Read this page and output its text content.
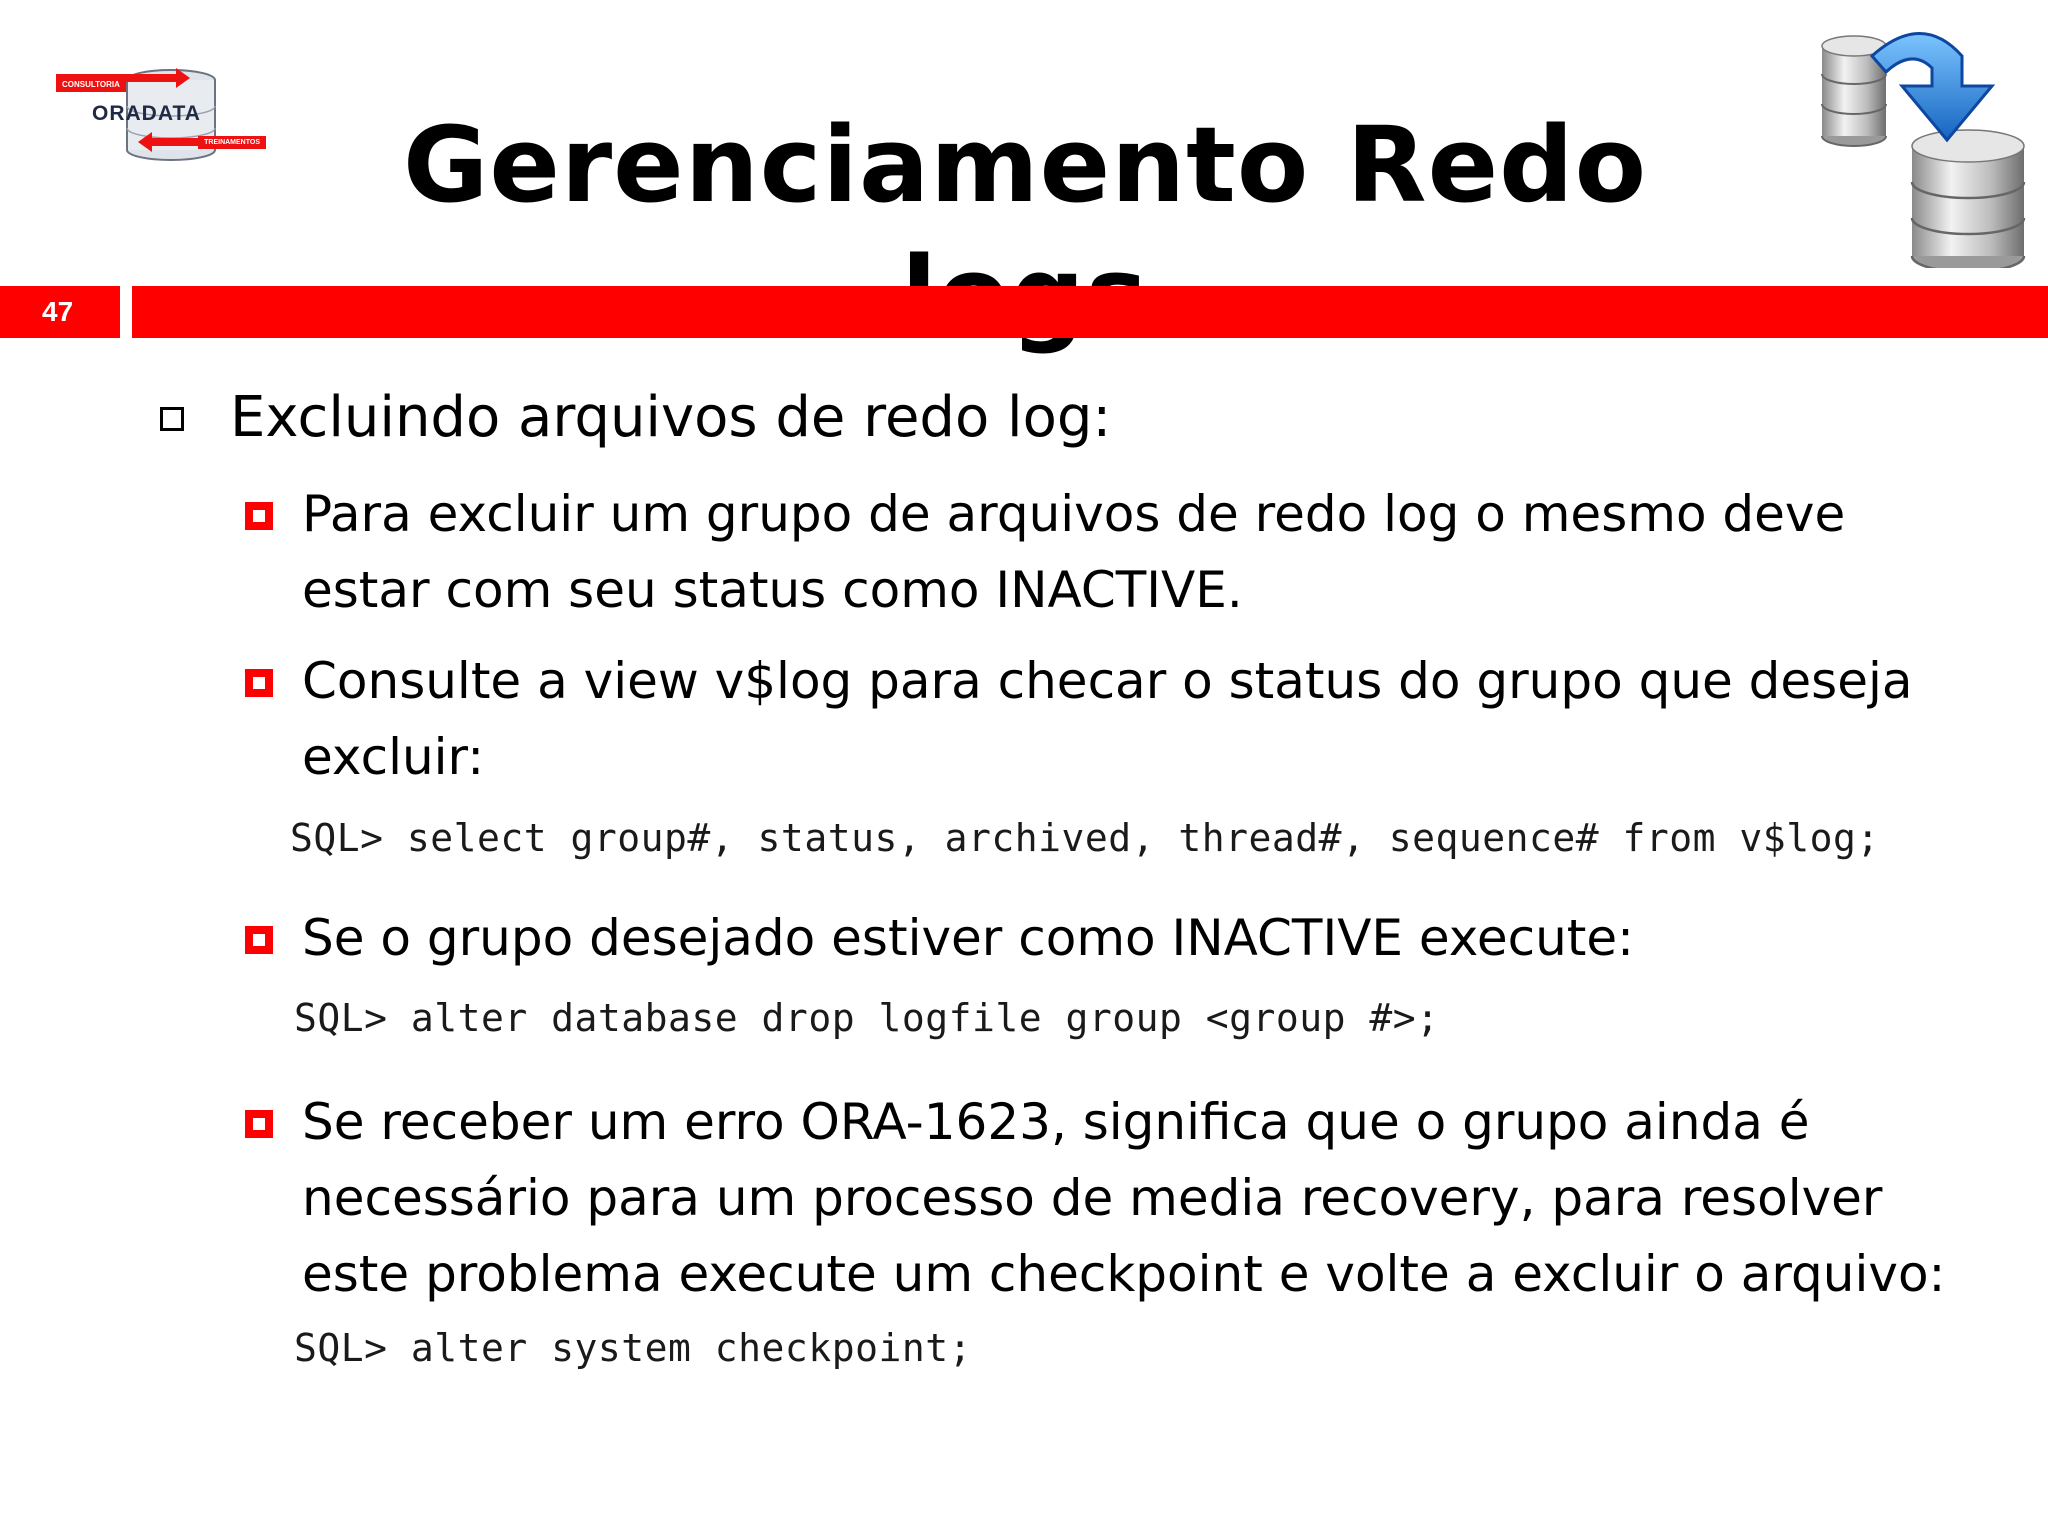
CONSULTORIA
ORADATA
TREINAMENTOS	Gerenciamento Redo
47
Excluindo arquivos de redo log:
Para excluir um grupo de arquivos de redo log o mesmo deve
estar com seu status como INACTIVE.
Consulte a view v$log para checar o status do grupo que deseja
excluir:
SQL> select group#, status, archived, thread#, sequence# from v$log;
Se o grupo desejado estiver como INACTIVE execute:
SQL> alter database drop logfile group <group #>;
Se receber um erro ORA-1623, significa que o grupo ainda é
necessário para um processo de media recovery, para resolver
este problema execute um checkpoint e volte a excluir o arquivo:
SQL> alter system checkpoint;
